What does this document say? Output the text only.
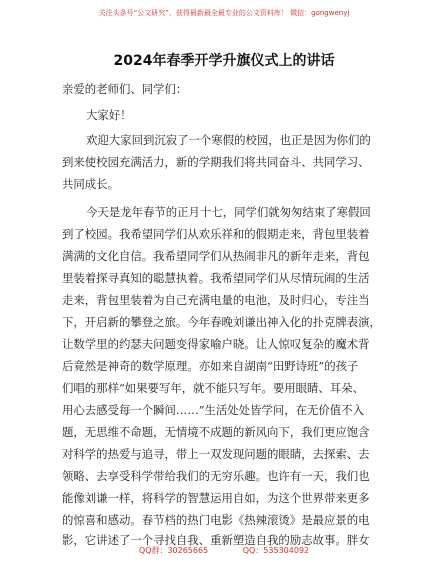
关注头条号“公文研究”，获得最新最全最专业的公文资料库！ 微信：gongwenyj
2024年春季开学升旗仪式上的讲话
亲爱的老师们、同学们：
大家好！
欢迎大家回到沉寂了一个寒假的校园，也正是因为你们的
到来使校园充满活力，新的学期我们将共同奋斗、共同学习、
共同成长。
今天是龙年春节的正月十七，同学们就匆匆结束了寒假回
到了校园。我希望同学们从欢乐祥和的假期走来，背包里装着
满满的文化自信。我希望同学们从热闹非凡的新年走来，背包
里装着探寻真知的聪慧执着。我希望同学们从尽情玩闹的生活
走来，背包里装着为自己充满电量的电池，及时归心，专注当
下，开启新的攀登之旅。今年春晚刘谦出神入化的扑克牌表演，
让数学里的约瑟夫问题变得家喻户晓。让人惊叹复杂的魔术背
后竟然是神奇的数学原理。亦如来自湖南“田野诗班”的孩子
们唱的那样“如果要写年，就不能只写年。要用眼睛、耳朵、
用心去感受每一个瞬间……”生活处处皆学问，在无价值不入
题，无思维不命题，无情境不成题的新风向下，我们更应饱含
对科学的热爱与追寻，带上一双发现问题的眼睛，去探索、去
领略、去享受科学带给我们的无穷乐趣。也许有一天，我们也
能像刘谦一样，将科学的智慧运用自如，为这个世界带来更多
的惊喜和感动。春节档的热门电影《热辣滚烫》是最应景的电
影，它讲述了一个寻找自我、重新塑造自我的励志故事。胖女
QQ群：30265665	QQ：535304092
